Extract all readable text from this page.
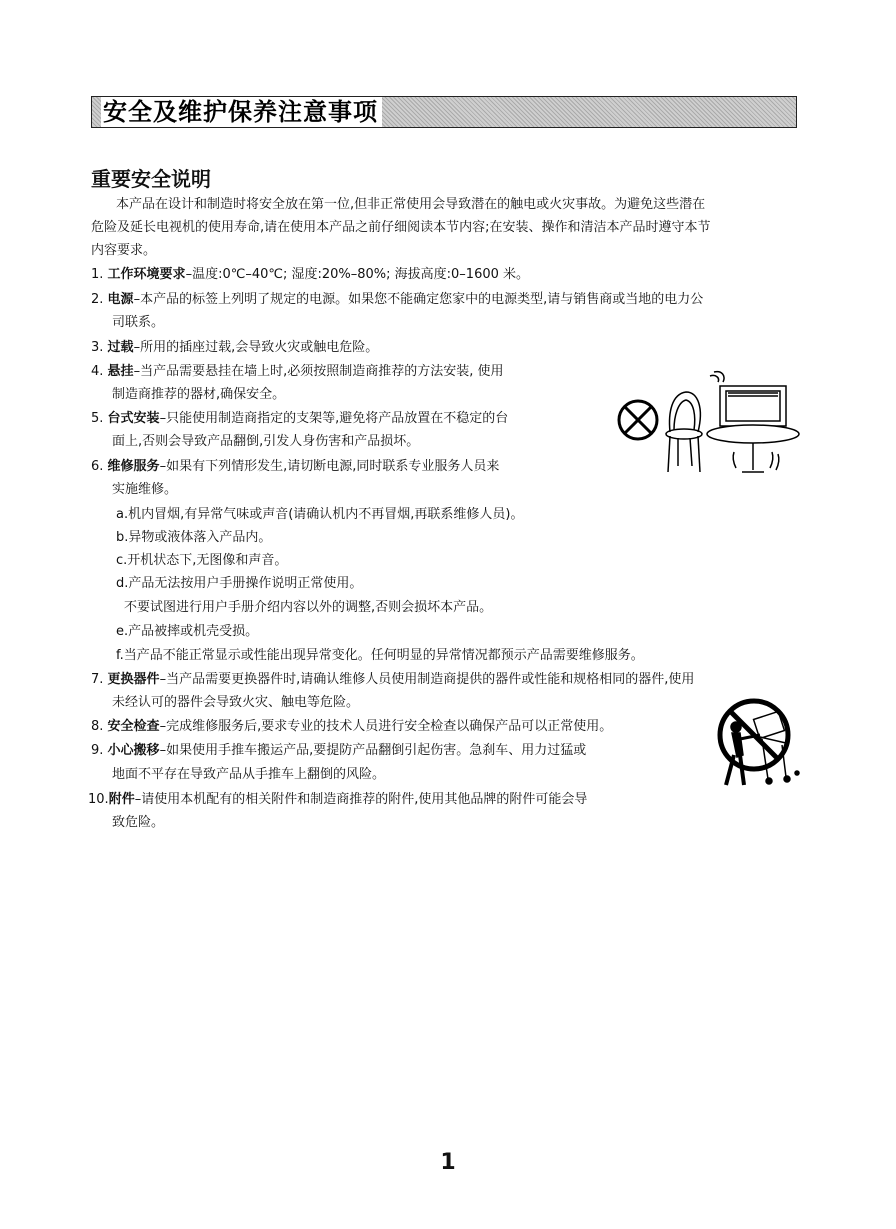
安全及维护保养注意事项
重要安全说明
本产品在设计和制造时将安全放在第一位,但非正常使用会导致潜在的触电或火灾事故。为避免这些潜在
危险及延长电视机的使用寿命,请在使用本产品之前仔细阅读本节内容;在安装、操作和清洁本产品时遵守本节
内容要求。
1. 工作环境要求–温度:0℃–40℃; 湿度:20%–80%; 海拔高度:0–1600 米。
2. 电源–本产品的标签上列明了规定的电源。如果您不能确定您家中的电源类型,请与销售商或当地的电力公
司联系。
3. 过载–所用的插座过载,会导致火灾或触电危险。
4. 悬挂–当产品需要悬挂在墙上时,必须按照制造商推荐的方法安装, 使用
制造商推荐的器材,确保安全。
5. 台式安装–只能使用制造商指定的支架等,避免将产品放置在不稳定的台
面上,否则会导致产品翻倒,引发人身伤害和产品损坏。
6. 维修服务–如果有下列情形发生,请切断电源,同时联系专业服务人员来
实施维修。
a.机内冒烟,有异常气味或声音(请确认机内不再冒烟,再联系维修人员)。
b.异物或液体落入产品内。
c.开机状态下,无图像和声音。
d.产品无法按用户手册操作说明正常使用。
不要试图进行用户手册介绍内容以外的调整,否则会损坏本产品。
e.产品被摔或机壳受损。
f.当产品不能正常显示或性能出现异常变化。任何明显的异常情况都预示产品需要维修服务。
7. 更换器件–当产品需要更换器件时,请确认维修人员使用制造商提供的器件或性能和规格相同的器件,使用
未经认可的器件会导致火灾、触电等危险。
8. 安全检查–完成维修服务后,要求专业的技术人员进行安全检查以确保产品可以正常使用。
9. 小心搬移–如果使用手推车搬运产品,要提防产品翻倒引起伤害。急刹车、用力过猛或
地面不平存在导致产品从手推车上翻倒的风险。
10.附件–请使用本机配有的相关附件和制造商推荐的附件,使用其他品牌的附件可能会导
致危险。
1
